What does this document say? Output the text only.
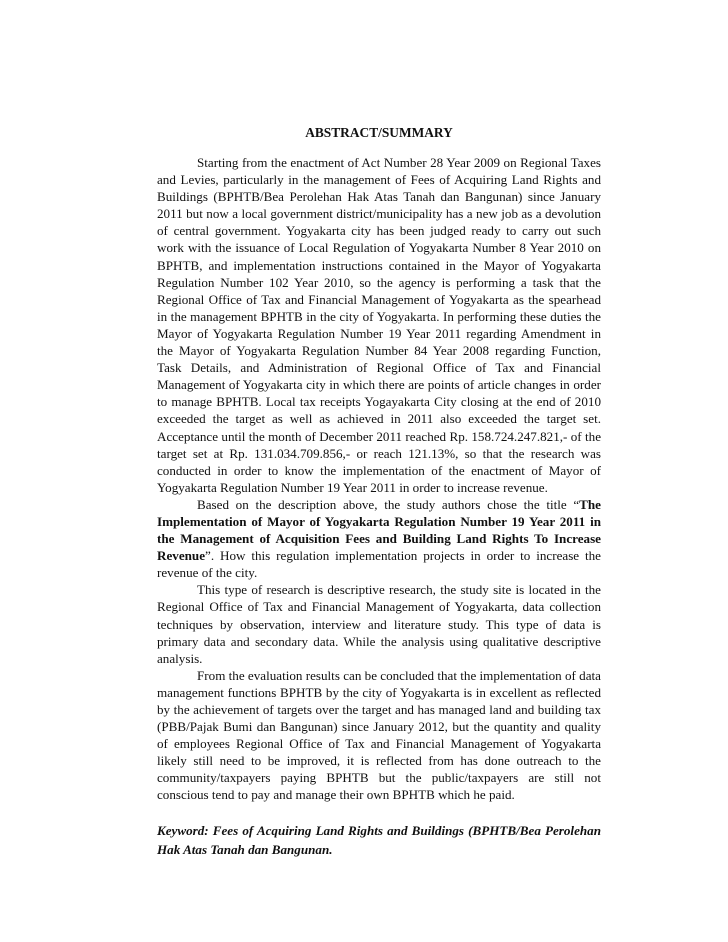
ABSTRACT/SUMMARY

Starting from the enactment of Act Number 28 Year 2009 on Regional Taxes and Levies, particularly in the management of Fees of Acquiring Land Rights and Buildings (BPHTB/Bea Perolehan Hak Atas Tanah dan Bangunan) since January 2011 but now a local government district/municipality has a new job as a devolution of central government. Yogyakarta city has been judged ready to carry out such work with the issuance of Local Regulation of Yogyakarta Number 8 Year 2010 on BPHTB, and implementation instructions contained in the Mayor of Yogyakarta Regulation Number 102 Year 2010, so the agency is performing a task that the Regional Office of Tax and Financial Management of Yogyakarta as the spearhead in the management BPHTB in the city of Yogyakarta. In performing these duties the Mayor of Yogyakarta Regulation Number 19 Year 2011 regarding Amendment in the Mayor of Yogyakarta Regulation Number 84 Year 2008 regarding Function, Task Details, and Administration of Regional Office of Tax and Financial Management of Yogyakarta city in which there are points of article changes in order to manage BPHTB. Local tax receipts Yogayakarta City closing at the end of 2010 exceeded the target as well as achieved in 2011 also exceeded the target set. Acceptance until the month of December 2011 reached Rp. 158.724.247.821,- of the target set at Rp. 131.034.709.856,- or reach 121.13%, so that the research was conducted in order to know the implementation of the enactment of Mayor of Yogyakarta Regulation Number 19 Year 2011 in order to increase revenue.

Based on the description above, the study authors chose the title “The Implementation of Mayor of Yogyakarta Regulation Number 19 Year 2011 in the Management of Acquisition Fees and Building Land Rights To Increase Revenue”. How this regulation implementation projects in order to increase the revenue of the city.

This type of research is descriptive research, the study site is located in the Regional Office of Tax and Financial Management of Yogyakarta, data collection techniques by observation, interview and literature study. This type of data is primary data and secondary data. While the analysis using qualitative descriptive analysis.

From the evaluation results can be concluded that the implementation of data management functions BPHTB by the city of Yogyakarta is in excellent as reflected by the achievement of targets over the target and has managed land and building tax (PBB/Pajak Bumi dan Bangunan) since January 2012, but the quantity and quality of employees Regional Office of Tax and Financial Management of Yogyakarta likely still need to be improved, it is reflected from has done outreach to the community/taxpayers paying BPHTB but the public/taxpayers are still not conscious tend to pay and manage their own BPHTB which he paid.

Keyword: Fees of Acquiring Land Rights and Buildings (BPHTB/Bea Perolehan Hak Atas Tanah dan Bangunan.
